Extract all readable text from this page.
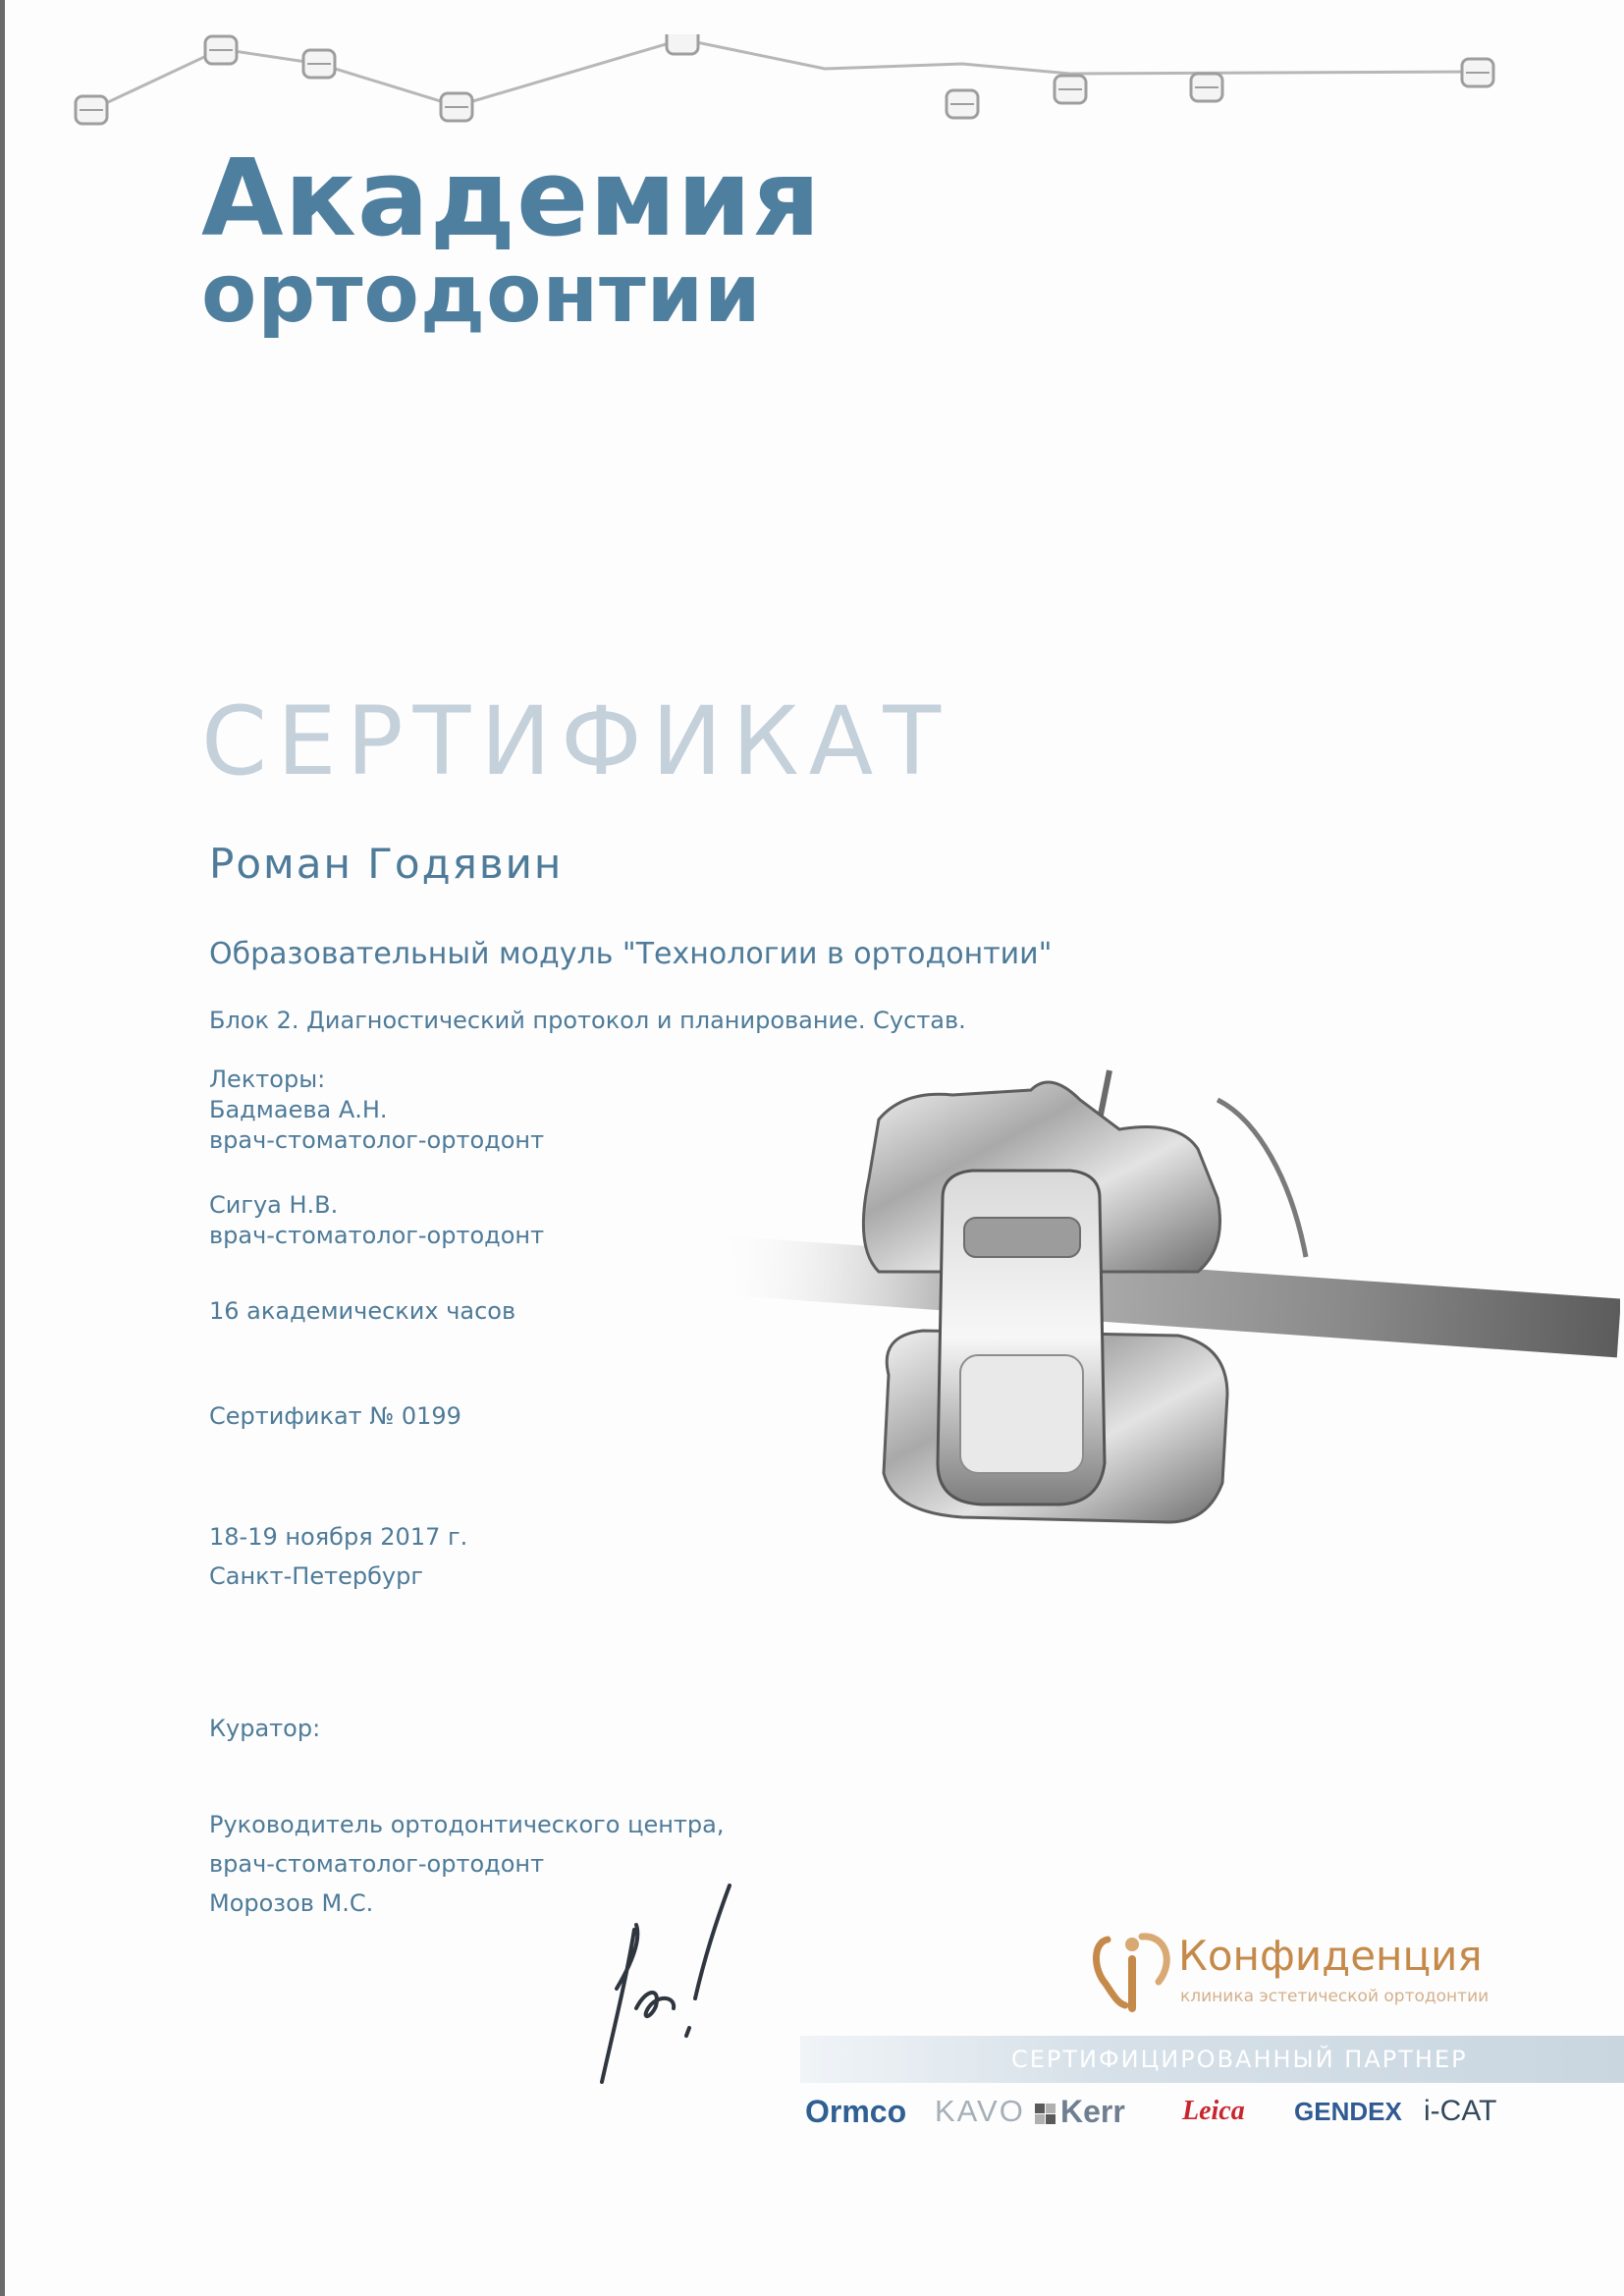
Академия
ортодонтии
СЕРТИФИКАТ
Роман Годявин
Образовательный модуль "Технологии в ортодонтии"
Блок 2. Диагностический протокол и планирование. Сустав.
Лекторы:
Бадмаева А.Н.
врач-стоматолог-ортодонт
Сигуа Н.В.
врач-стоматолог-ортодонт
16 академических часов
Сертификат № 0199
18-19 ноября 2017 г.
Санкт-Петербург
Куратор:
Руководитель ортодонтического центра,
врач-стоматолог-ортодонт
Морозов М.С.
Конфиденция
клиника эстетической ортодонтии
СЕРТИФИЦИРОВАННЫЙ ПАРТНЕР
Ormco KAVO Kerr Leica GENDEX i-CAT
